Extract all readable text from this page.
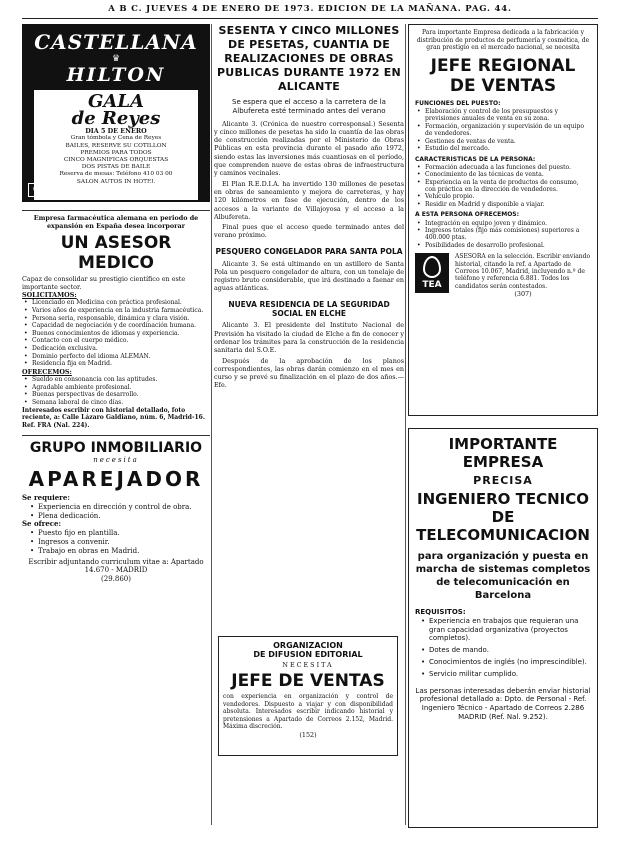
A B C. JUEVES 4 DE ENERO DE 1973. EDICION DE LA MAÑANA. PAG. 44.
CASTELLANA
♛
HILTON
GALA
de Reyes
DIA 5 DE ENERO
Gran tómbola y Cena de Reyes
BAILES, RESERVE SU COTILLON
PREMIOS PARA TODOS
CINCO MAGNIFICAS ORQUESTAS
DOS PISTAS DE BAILE
Reserva de mesas: Teléfono 410 03 00
SALON AUTOS IN HOTEL
Se servirá champagne
CASTELLBLANCH RESERVA CRISTAL

Empresa farmacéutica alemana en periodo de expansión en España desea incorporar

UN ASESOR MEDICO

Capaz de consolidar su prestigio científico en este importante sector.

SOLICITAMOS:

• Licenciado en Medicina con práctica profesional.
• Varios años de experiencia en la industria farmacéutica.
• Persona seria, responsable, dinámica y clara visión.
• Capacidad de negociación y de coordinación humana.
• Buenos conocimientos de idiomas y experiencia.
• Contacto con el cuerpo médico.
• Dedicación exclusiva.
• Dominio perfecto del idioma ALEMAN.
• Residencia fija en Madrid.

OFRECEMOS:

• Sueldo en consonancia con las aptitudes.
• Agradable ambiente profesional.
• Buenas perspectivas de desarrollo.
• Semana laboral de cinco días.

Interesados escribir con historial detallado, foto reciente, a: Calle Lázaro Galdiano, núm. 6, Madrid-16. Ref. FRA (Nal. 224).

GRUPO INMOBILIARIO
necesita
APAREJADOR

Se requiere:

• Experiencia en dirección y control de obra.
• Plena dedicación.

Se ofrece:

• Puesto fijo en plantilla.
• Ingresos a convenir.
• Trabajo en obras en Madrid.

Escribir adjuntando curriculum vitae a: Apartado 14.670 - MADRID

(29.860)

SESENTA Y CINCO MILLONES DE PESETAS, CUANTIA DE REALIZACIONES DE OBRAS PUBLICAS DURANTE 1972 EN ALICANTE

Se espera que el acceso a la carretera de la Albufereta esté terminado antes del verano

Alicante 3. (Crónica de nuestro corresponsal.) Sesenta y cinco millones de pesetas ha sido la cuantía de las obras de construcción realizadas por el Ministerio de Obras Públicas en esta provincia durante el pasado año 1972, siendo estas las inversiones más cuantiosas en el período, que comprenden nueve de estas obras de infraestructura y caminos vecinales.

El Plan R.E.D.I.A. ha invertido 130 millones de pesetas en obras de saneamiento y mejora de carreteras, y hay 120 kilómetros en fase de ejecución, dentro de los accesos a la variante de Villajoyosa y el acceso a la Albufereta.

Final pues que el acceso quede terminado antes del verano próximo.

PESQUERO CONGELADOR PARA SANTA POLA

Alicante 3. Se está ultimando en un astillero de Santa Pola un pesquero congelador de altura, con un tonelaje de registro bruto considerable, que irá destinado a faenar en aguas atlánticas.

NUEVA RESIDENCIA DE LA SEGURIDAD SOCIAL EN ELCHE

Alicante 3. El presidente del Instituto Nacional de Previsión ha visitado la ciudad de Elche a fin de conocer y ordenar los trámites para la construcción de la residencia sanitaria del S.O.E.

Después de la aprobación de los planos correspondientes, las obras darán comienzo en el mes en curso y se prevé su finalización en el plazo de dos años.—Efe.

ORGANIZACION
DE DIFUSION EDITORIAL
NECESITA
JEFE DE VENTAS

con experiencia en organización y control de vendedores. Dispuesto a viajar y con disponibilidad absoluta. Interesados escribir indicando historial y pretensiones a Apartado de Correos 2.152, Madrid. Máxima discreción.

(152)

Para importante Empresa dedicada a la fabricación y distribución de productos de perfumería y cosmética, de gran prestigio en el mercado nacional, se necesita

JEFE REGIONAL
DE VENTAS

FUNCIONES DEL PUESTO:

• Elaboración y control de los presupuestos y previsiones anuales de venta en su zona.
• Formación, organización y supervisión de un equipo de vendedores.
• Gestiones de ventas de venta.
• Estudio del mercado.

CARACTERISTICAS DE LA PERSONA:

• Formación adecuada a las funciones del puesto.
• Conocimiento de las técnicas de venta.
• Experiencia en la venta de productos de consumo, con práctica en la dirección de vendedores.
• Vehículo propio.
• Residir en Madrid y disponible a viajar.

A ESTA PERSONA OFRECEMOS:

• Integración en equipo joven y dinámico.
• Ingresos totales (fijo más comisiones) superiores a 400.000 ptas.
• Posibilidades de desarrollo profesional.
TEA

ASESORA en la selección. Escribir enviando historial, citando la ref. a Apartado de Correos 10.067, Madrid, incluyendo n.º de teléfono y referencia 6.881. Todos los candidatos serán contestados.

(307)

IMPORTANTE EMPRESA
PRECISA
INGENIERO TECNICO
DE TELECOMUNICACION

para organización y puesta en marcha de sistemas completos de telecomunicación en Barcelona

REQUISITOS:

• Experiencia en trabajos que requieran una gran capacidad organizativa (proyectos completos).
• Dotes de mando.
• Conocimientos de inglés (no imprescindible).
• Servicio militar cumplido.

Las personas interesadas deberán enviar historial profesional detallado a: Dpto. de Personal - Ref. Ingeniero Técnico - Apartado de Correos 2.286 MADRID (Ref. Nal. 9.252).
